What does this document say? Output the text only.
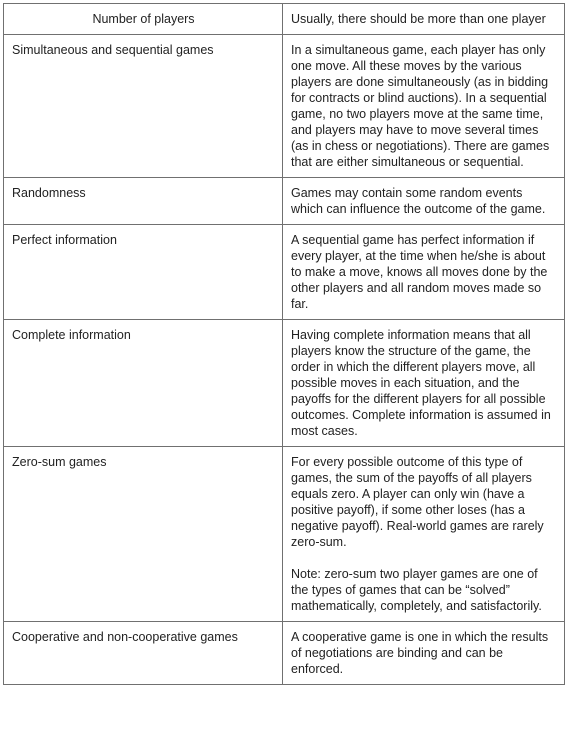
Number of players	Usually, there should be more than one player

Simultaneous and sequential games	In a simultaneous game, each player has only one move. All these moves by the various players are done simultaneously (as in bidding for contracts or blind auctions). In a sequential game, no two players move at the same time, and players may have to move several times (as in chess or negotiations). There are games that are either simultaneous or sequential.

Randomness	Games may contain some random events which can influence the outcome of the game.

Perfect information	A sequential game has perfect information if every player, at the time when he/she is about to make a move, knows all moves done by the other players and all random moves made so far.

Complete information	Having complete information means that all players know the structure of the game, the order in which the different players move, all possible moves in each situation, and the payoffs for the different players for all possible outcomes. Complete information is assumed in most cases.

Zero-sum games	For every possible outcome of this type of games, the sum of the payoffs of all players equals zero. A player can only win (have a positive payoff), if some other loses (has a negative payoff). Real-world games are rarely zero-sum.
Note: zero-sum two player games are one of the types of games that can be “solved” mathematically, completely, and satisfactorily.

Cooperative and non-cooperative games	A cooperative game is one in which the results of negotiations are binding and can be enforced.
